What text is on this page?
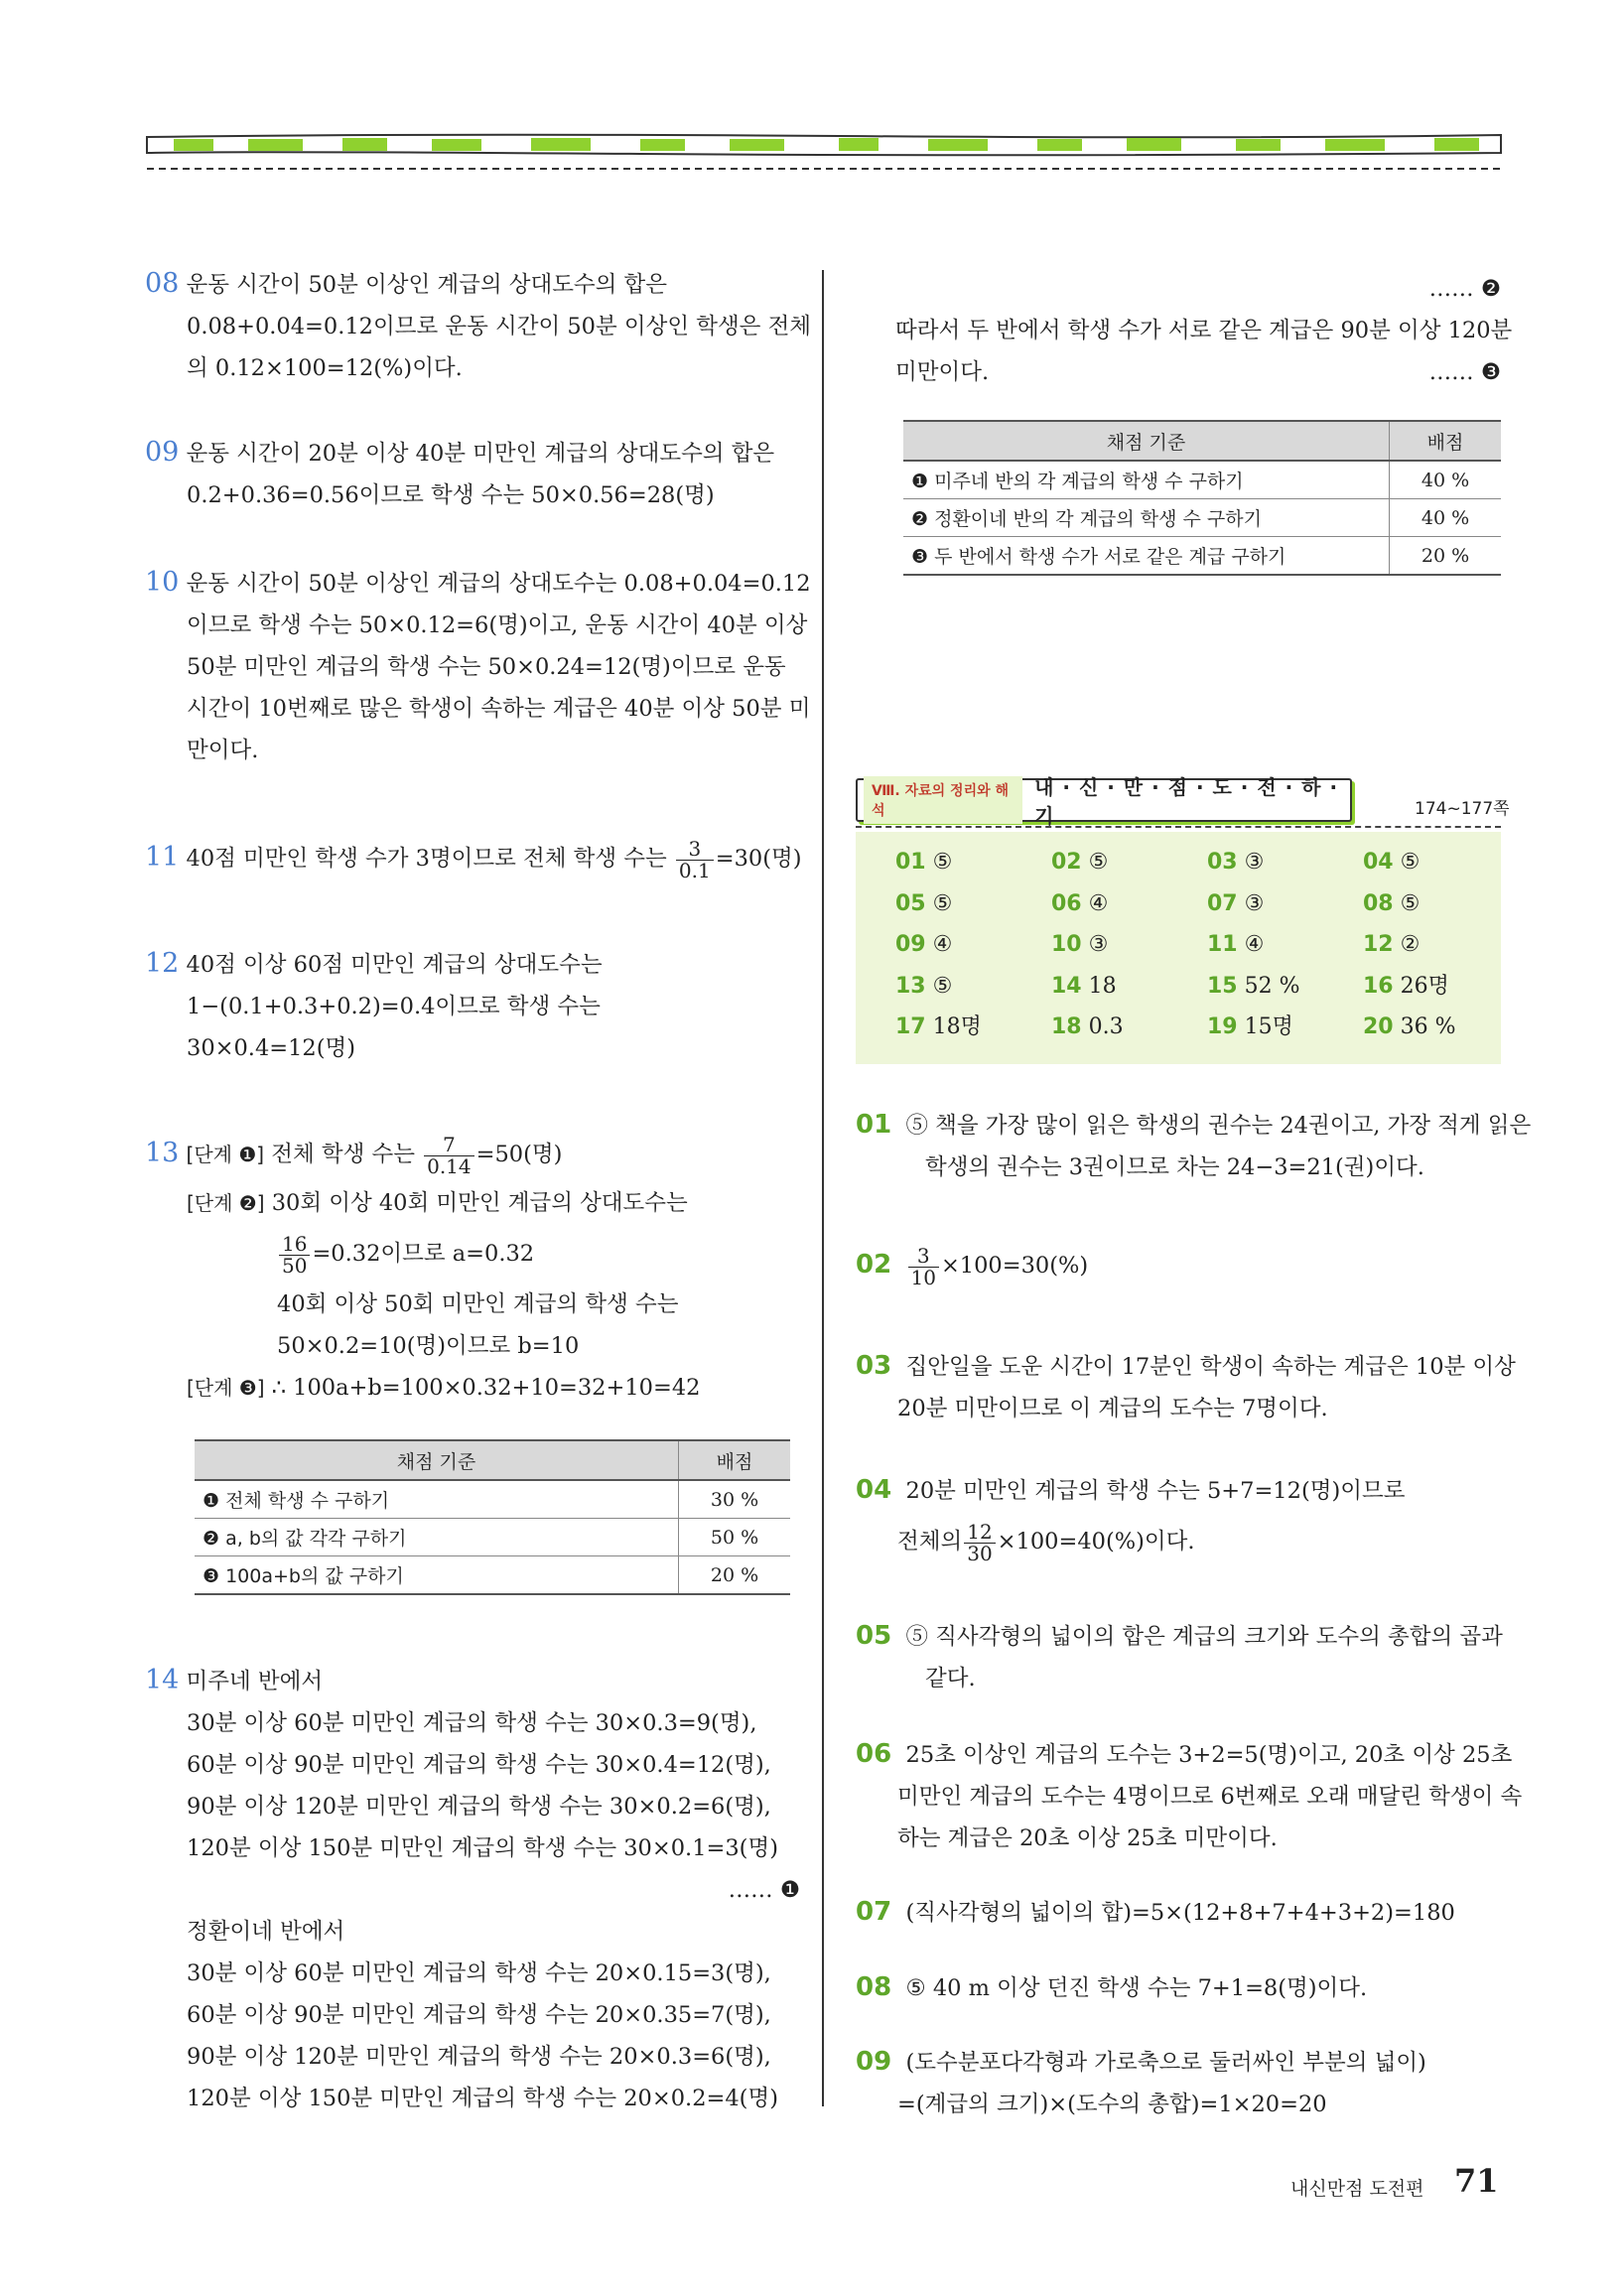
08 운동 시간이 50분 이상인 계급의 상대도수의 합은
0.08+0.04=0.12이므로 운동 시간이 50분 이상인 학생은 전체
의 0.12×100=12(%)이다.
09 운동 시간이 20분 이상 40분 미만인 계급의 상대도수의 합은
0.2+0.36=0.56이므로 학생 수는 50×0.56=28(명)
10 운동 시간이 50분 이상인 계급의 상대도수는 0.08+0.04=0.12
이므로 학생 수는 50×0.12=6(명)이고, 운동 시간이 40분 이상
50분 미만인 계급의 학생 수는 50×0.24=12(명)이므로 운동
시간이 10번째로 많은 학생이 속하는 계급은 40분 이상 50분 미
만이다.
11 40점 미만인 학생 수가 3명이므로 전체 학생 수는 $\frac{3}{0.1} =30$(명)
12 40점 이상 60점 미만인 계급의 상대도수는
1−(0.1+0.3+0.2)=0.4이므로 학생 수는
30×0.4=12(명)
13 [단계 ❶] 전체 학생 수는 $\frac{7}{0.14} =50$(명)
[단계 ❷] 30회 이상 40회 미만인 계급의 상대도수는
$\frac{16}{50} =0.32$이므로 a=0.32
40회 이상 50회 미만인 계급의 학생 수는
50×0.2=10(명)이므로 b=10
[단계 ❸] ∴ 100a+b=100×0.32+10=32+10=42
채점 기준	배점
❶ 전체 학생 수 구하기	30 %
❷ a, b의 값 각각 구하기	50 %
❸ 100a+b의 값 구하기	20 %
14 미주네 반에서
30분 이상 60분 미만인 계급의 학생 수는 30×0.3=9(명),
60분 이상 90분 미만인 계급의 학생 수는 30×0.4=12(명),
90분 이상 120분 미만인 계급의 학생 수는 30×0.2=6(명),
120분 이상 150분 미만인 계급의 학생 수는 30×0.1=3(명)
…… ❶
정환이네 반에서
30분 이상 60분 미만인 계급의 학생 수는 20×0.15=3(명),
60분 이상 90분 미만인 계급의 학생 수는 20×0.35=7(명),
90분 이상 120분 미만인 계급의 학생 수는 20×0.3=6(명),
120분 이상 150분 미만인 계급의 학생 수는 20×0.2=4(명)
…… ❷
따라서 두 반에서 학생 수가 서로 같은 계급은 90분 이상 120분
미만이다.	…… ❸
채점 기준	배점
❶ 미주네 반의 각 계급의 학생 수 구하기	40 %
❷ 정환이네 반의 각 계급의 학생 수 구하기	40 %
❸ 두 반에서 학생 수가 서로 같은 계급 구하기	20 %
Ⅷ. 자료의 정리와 해석
내 · 신 · 만 · 점 · 도 · 전 · 하 · 기	174~177쪽
01 ⑤	02 ⑤	03 ③	04 ⑤
05 ⑤	06 ④	07 ③	08 ⑤
09 ④	10 ③	11 ④	12 ②
13 ⑤	14 18	15 52 %	16 26명
17 18명	18 0.3	19 15명	20 36 %
01 ⑤ 책을 가장 많이 읽은 학생의 권수는 24권이고, 가장 적게 읽은
학생의 권수는 3권이므로 차는 24−3=21(권)이다.
$02 \frac{3}{10} \times 100=30(\%)$
03 집안일을 도운 시간이 17분인 학생이 속하는 계급은 10분 이상
20분 미만이므로 이 계급의 도수는 7명이다.
04 20분 미만인 계급의 학생 수는 5+7=12(명)이므로
전체의 $\frac{12}{30} \times 100=40(\%)$이다.
05 ⑤ 직사각형의 넓이의 합은 계급의 크기와 도수의 총합의 곱과
같다.
06 25초 이상인 계급의 도수는 3+2=5(명)이고, 20초 이상 25초
미만인 계급의 도수는 4명이므로 6번째로 오래 매달린 학생이 속
하는 계급은 20초 이상 25초 미만이다.
07 (직사각형의 넓이의 합)=5×(12+8+7+4+3+2)=180
08 ⑤ 40 m 이상 던진 학생 수는 7+1=8(명)이다.
09 (도수분포다각형과 가로축으로 둘러싸인 부분의 넓이)
=(계급의 크기)×(도수의 총합)=1×20=20
내신만점 도전편 71
